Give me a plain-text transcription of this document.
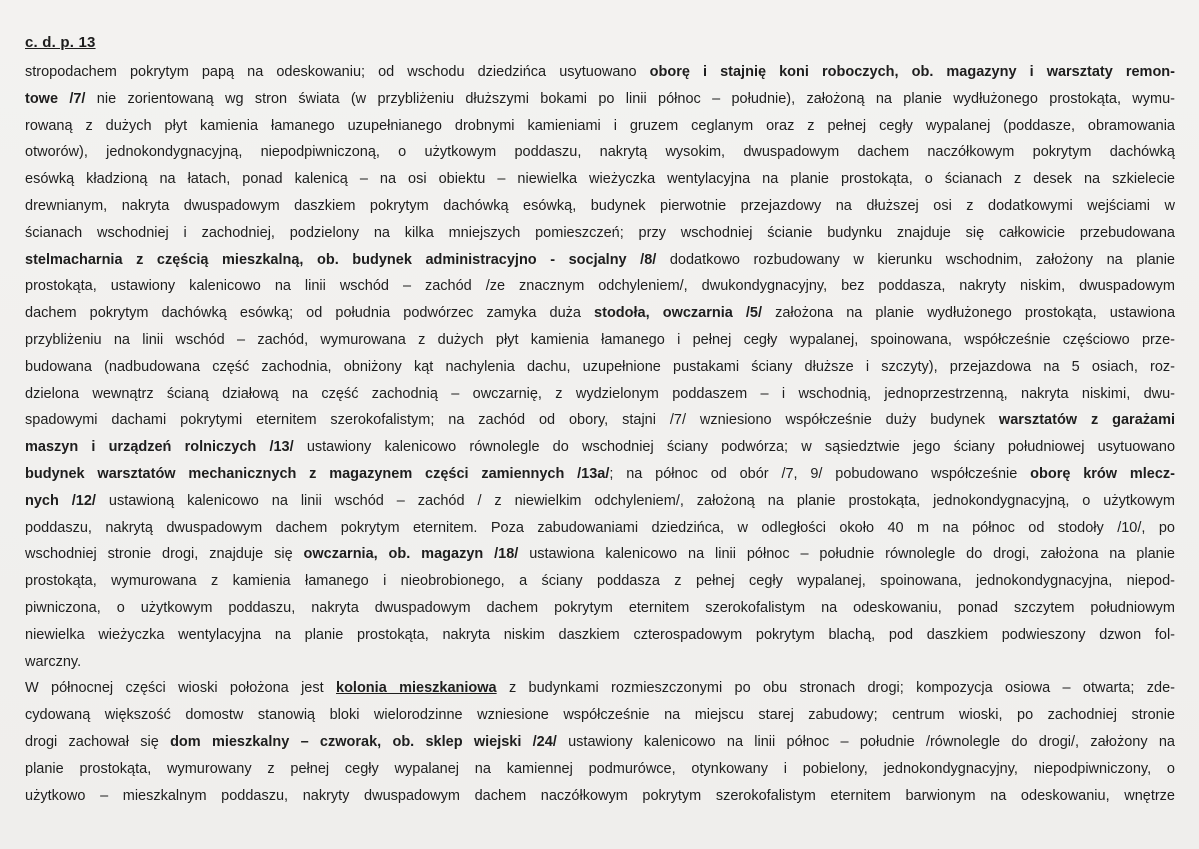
c. d. p. 13
stropodachem pokrytym papą na odeskowaniu; od wschodu dziedzińca usytuowano oborę i stajnię koni roboczych, ob. magazyny i warsztaty remon-
towe /7/ nie zorientowaną wg stron świata (w przybliżeniu dłuższymi bokami po linii północ – południe), założoną na planie wydłużonego prostokąta, wymu-
rowaną z dużych płyt kamienia łamanego uzupełnianego drobnymi kamieniami i gruzem ceglanym oraz z pełnej cegły wypalanej (poddasze, obramowania
otworów), jednokondygnacyjną, niepodpiwniczoną, o użytkowym poddaszu, nakrytą wysokim, dwuspadowym dachem naczółkowym pokrytym dachówką
esówką kładzioną na łatach, ponad kalenicą – na osi obiektu – niewielka wieżyczka wentylacyjna na planie prostokąta, o ścianach z desek na szkielecie
drewnianym, nakryta dwuspadowym daszkiem pokrytym dachówką esówką, budynek pierwotnie przejazdowy na dłuższej osi z dodatkowymi wejściami w
ścianach wschodniej i zachodniej, podzielony na kilka mniejszych pomieszczeń; przy wschodniej ścianie budynku znajduje się całkowicie przebudowana
stelmacharnia z częścią mieszkalną, ob. budynek administracyjno - socjalny /8/ dodatkowo rozbudowany w kierunku wschodnim, założony na planie
prostokąta, ustawiony kalenicowo na linii wschód – zachód /ze znacznym odchyleniem/, dwukondygnacyjny, bez poddasza, nakryty niskim, dwuspadowym
dachem pokrytym dachówką esówką; od południa podwórzec zamyka duża stodoła, owczarnia /5/ założona na planie wydłużonego prostokąta, ustawiona
przybliżeniu na linii wschód – zachód, wymurowana z dużych płyt kamienia łamanego i pełnej cegły wypalanej, spoinowana, współcześnie częściowo prze-
budowana (nadbudowana część zachodnia, obniżony kąt nachylenia dachu, uzupełnione pustakami ściany dłuższe i szczyty), przejazdowa na 5 osiach, roz-
dzielona wewnątrz ścianą działową na część zachodnią – owczarnię, z wydzielonym poddaszem – i wschodnią, jednoprzestrzenną, nakryta niskimi, dwu-
spadowymi dachami pokrytymi eternitem szerokofalistym; na zachód od obory, stajni /7/ wzniesiono współcześnie duży budynek warsztatów z garażami
maszyn i urządzeń rolniczych /13/ ustawiony kalenicowo równolegle do wschodniej ściany podwórza; w sąsiedztwie jego ściany południowej usytuowano
budynek warsztatów mechanicznych z magazynem części zamiennych /13a/; na północ od obór /7, 9/ pobudowano współcześnie oborę krów mlecz-
nych /12/ ustawioną kalenicowo na linii wschód – zachód / z niewielkim odchyleniem/, założoną na planie prostokąta, jednokondygnacyjną, o użytkowym
poddaszu, nakrytą dwuspadowym dachem pokrytym eternitem. Poza zabudowaniami dziedzińca, w odległości około 40 m na północ od stodoły /10/, po
wschodniej stronie drogi, znajduje się owczarnia, ob. magazyn /18/ ustawiona kalenicowo na linii północ – południe równolegle do drogi, założona na planie
prostokąta, wymurowana z kamienia łamanego i nieobrobionego, a ściany poddasza z pełnej cegły wypalanej, spoinowana, jednokondygnacyjna, niepod-
piwniczona, o użytkowym poddaszu, nakryta dwuspadowym dachem pokrytym eternitem szerokofalistym na odeskowaniu, ponad szczytem południowym
niewielka wieżyczka wentylacyjna na planie prostokąta, nakryta niskim daszkiem czterospadowym pokrytym blachą, pod daszkiem podwieszony dzwon fol-
warczny.
W północnej części wioski położona jest kolonia mieszkaniowa z budynkami rozmieszczonymi po obu stronach drogi; kompozycja osiowa – otwarta; zde-
cydowaną większość domostw stanowią bloki wielorodzinne wzniesione współcześnie na miejscu starej zabudowy; centrum wioski, po zachodniej stronie
drogi zachował się dom mieszkalny – czworak, ob. sklep wiejski /24/ ustawiony kalenicowo na linii północ – południe /równolegle do drogi/, założony na
planie prostokąta, wymurowany z pełnej cegły wypalanej na kamiennej podmurówce, otynkowany i pobielony, jednokondygnacyjny, niepodpiwniczony, o
użytkowo – mieszkalnym poddaszu, nakryty dwuspadowym dachem naczółkowym pokrytym szerokofalistym eternitem barwionym na odeskowaniu, wnętrze
